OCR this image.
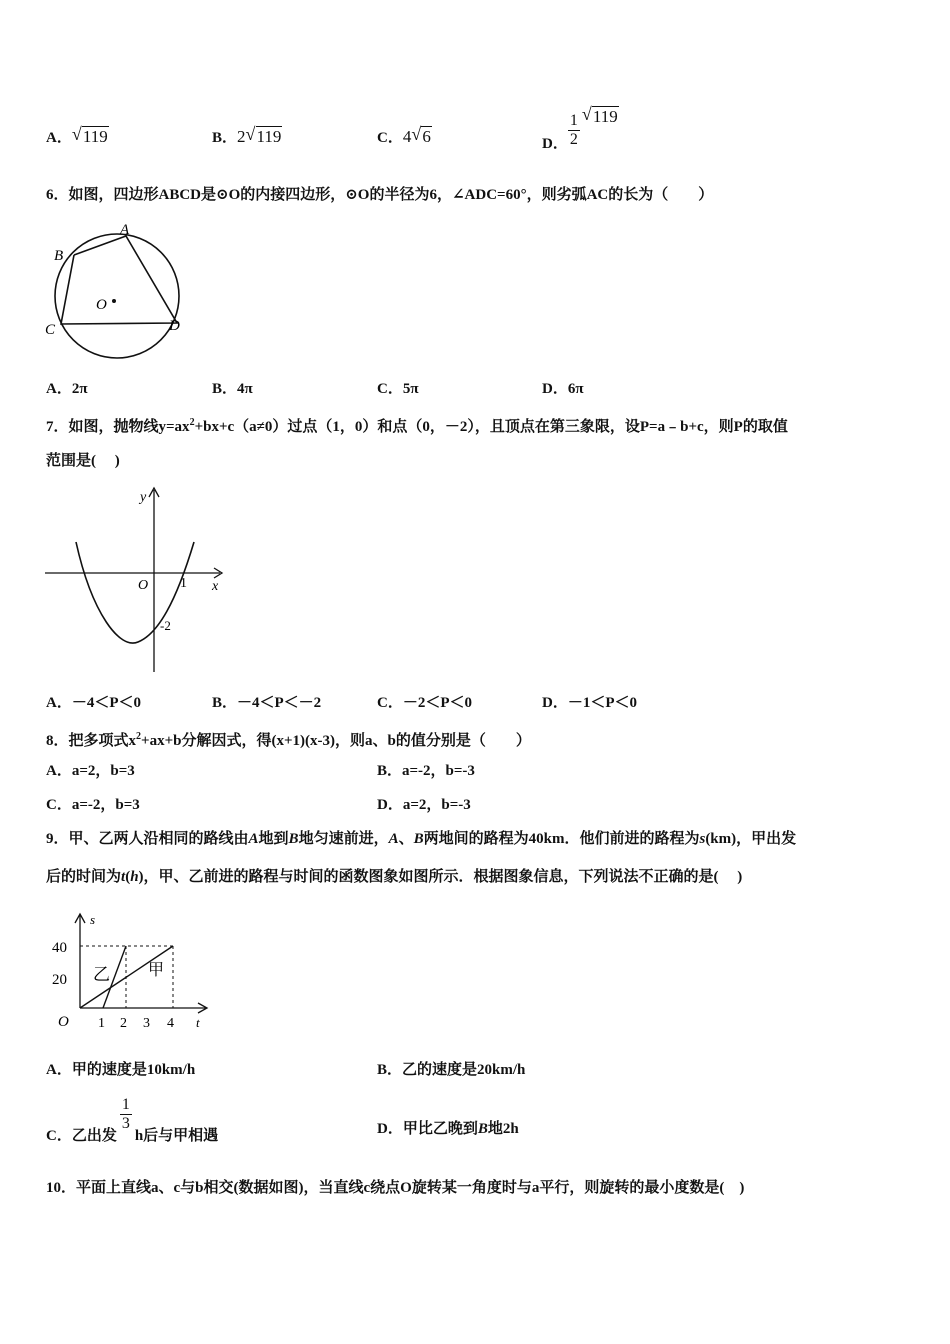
A． √ 119	B．2 √ 119	C．4 √ 6	D． $\frac{1}{2}$ √ 119
6．如图，四边形ABCD是⊙O的内接四边形，⊙O的半径为6，∠ADC=60°，则劣弧AC的长为（　　）
A
B
C	D
O
A．2π	B．4π	C．5π	D．6π
7．如图，抛物线$y=ax^2+bx+c(a\ne 0)$过点（1，0）和点（0，－2），且顶点在第三象限，设P=a﹣b+c，则P的取值
范围是(　 )
y
x
O 1
-2
A．－4＜P＜0	B．－4＜P＜－2	C．－2＜P＜0	D．－1＜P＜0
8．把多项式$x^2+ax+b$分解因式，得(x+1)(x-3)，则a、b的值分别是（　　）
A．a=2，b=3	B．a=-2，b=-3
C．a=-2，b=3	D．a=2，b=-3
9．甲、乙两人沿相同的路线由A地到B地匀速前进，A、B两地间的路程为40km．他们前进的路程为s(km)，甲出发
后的时间为t(h)，甲、乙前进的路程与时间的函数图象如图所示．根据图象信息，下列说法不正确的是(　 )
s
t
O
40
20
1 2 3 4
乙 甲
A．甲的速度是10km/h	B．乙的速度是20km/h
C．乙出发
$\frac{1}{3}$
h后与甲相遇	D．甲比乙晚到B地2h
10．平面上直线a、c与b相交(数据如图)，当直线c绕点O旋转某一角度时与a平行，则旋转的最小度数是(　)
